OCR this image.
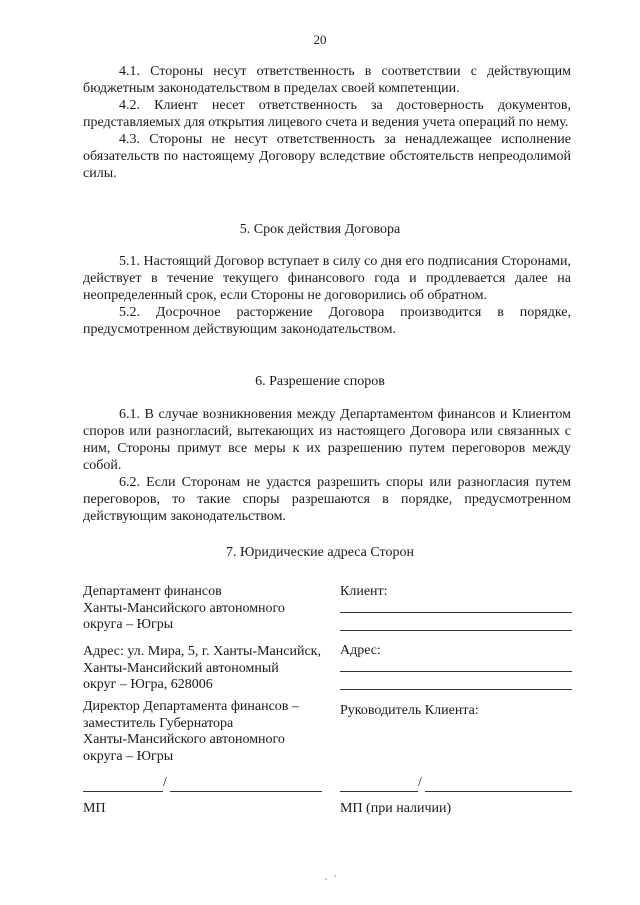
20

4.1. Стороны несут ответственность в соответствии с действующим бюджетным законодательством в пределах своей компетенции.

4.2. Клиент несет ответственность за достоверность документов, представляемых для открытия лицевого счета и ведения учета операций по нему.

4.3. Стороны не несут ответственность за ненадлежащее исполнение обязательств по настоящему Договору вследствие обстоятельств непреодолимой силы.

5. Срок действия Договора

5.1. Настоящий Договор вступает в силу со дня его подписания Сторонами, действует в течение текущего финансового года и продлевается далее на неопределенный срок, если Стороны не договорились об обратном.

5.2. Досрочное расторжение Договора производится в порядке, предусмотренном действующим законодательством.

6. Разрешение споров

6.1. В случае возникновения между Департаментом финансов и Клиентом споров или разногласий, вытекающих из настоящего Договора или связанных с ним, Стороны примут все меры к их разрешению путем переговоров между собой.

6.2. Если Сторонам не удастся разрешить споры или разногласия путем переговоров, то такие споры разрешаются в порядке, предусмотренном действующим законодательством.

7. Юридические адреса Сторон
Департамент финансов
Ханты-Мансийского автономного
округа – Югры
Адрес: ул. Мира, 5, г. Ханты-Мансийск,
Ханты-Мансийский автономный
округ – Югра, 628006
Директор Департамента финансов –
заместитель Губернатора
Ханты-Мансийского автономного
округа – Югры
/
МП
Клиент:
Адрес:
Руководитель Клиента:
/
МП (при наличии)
